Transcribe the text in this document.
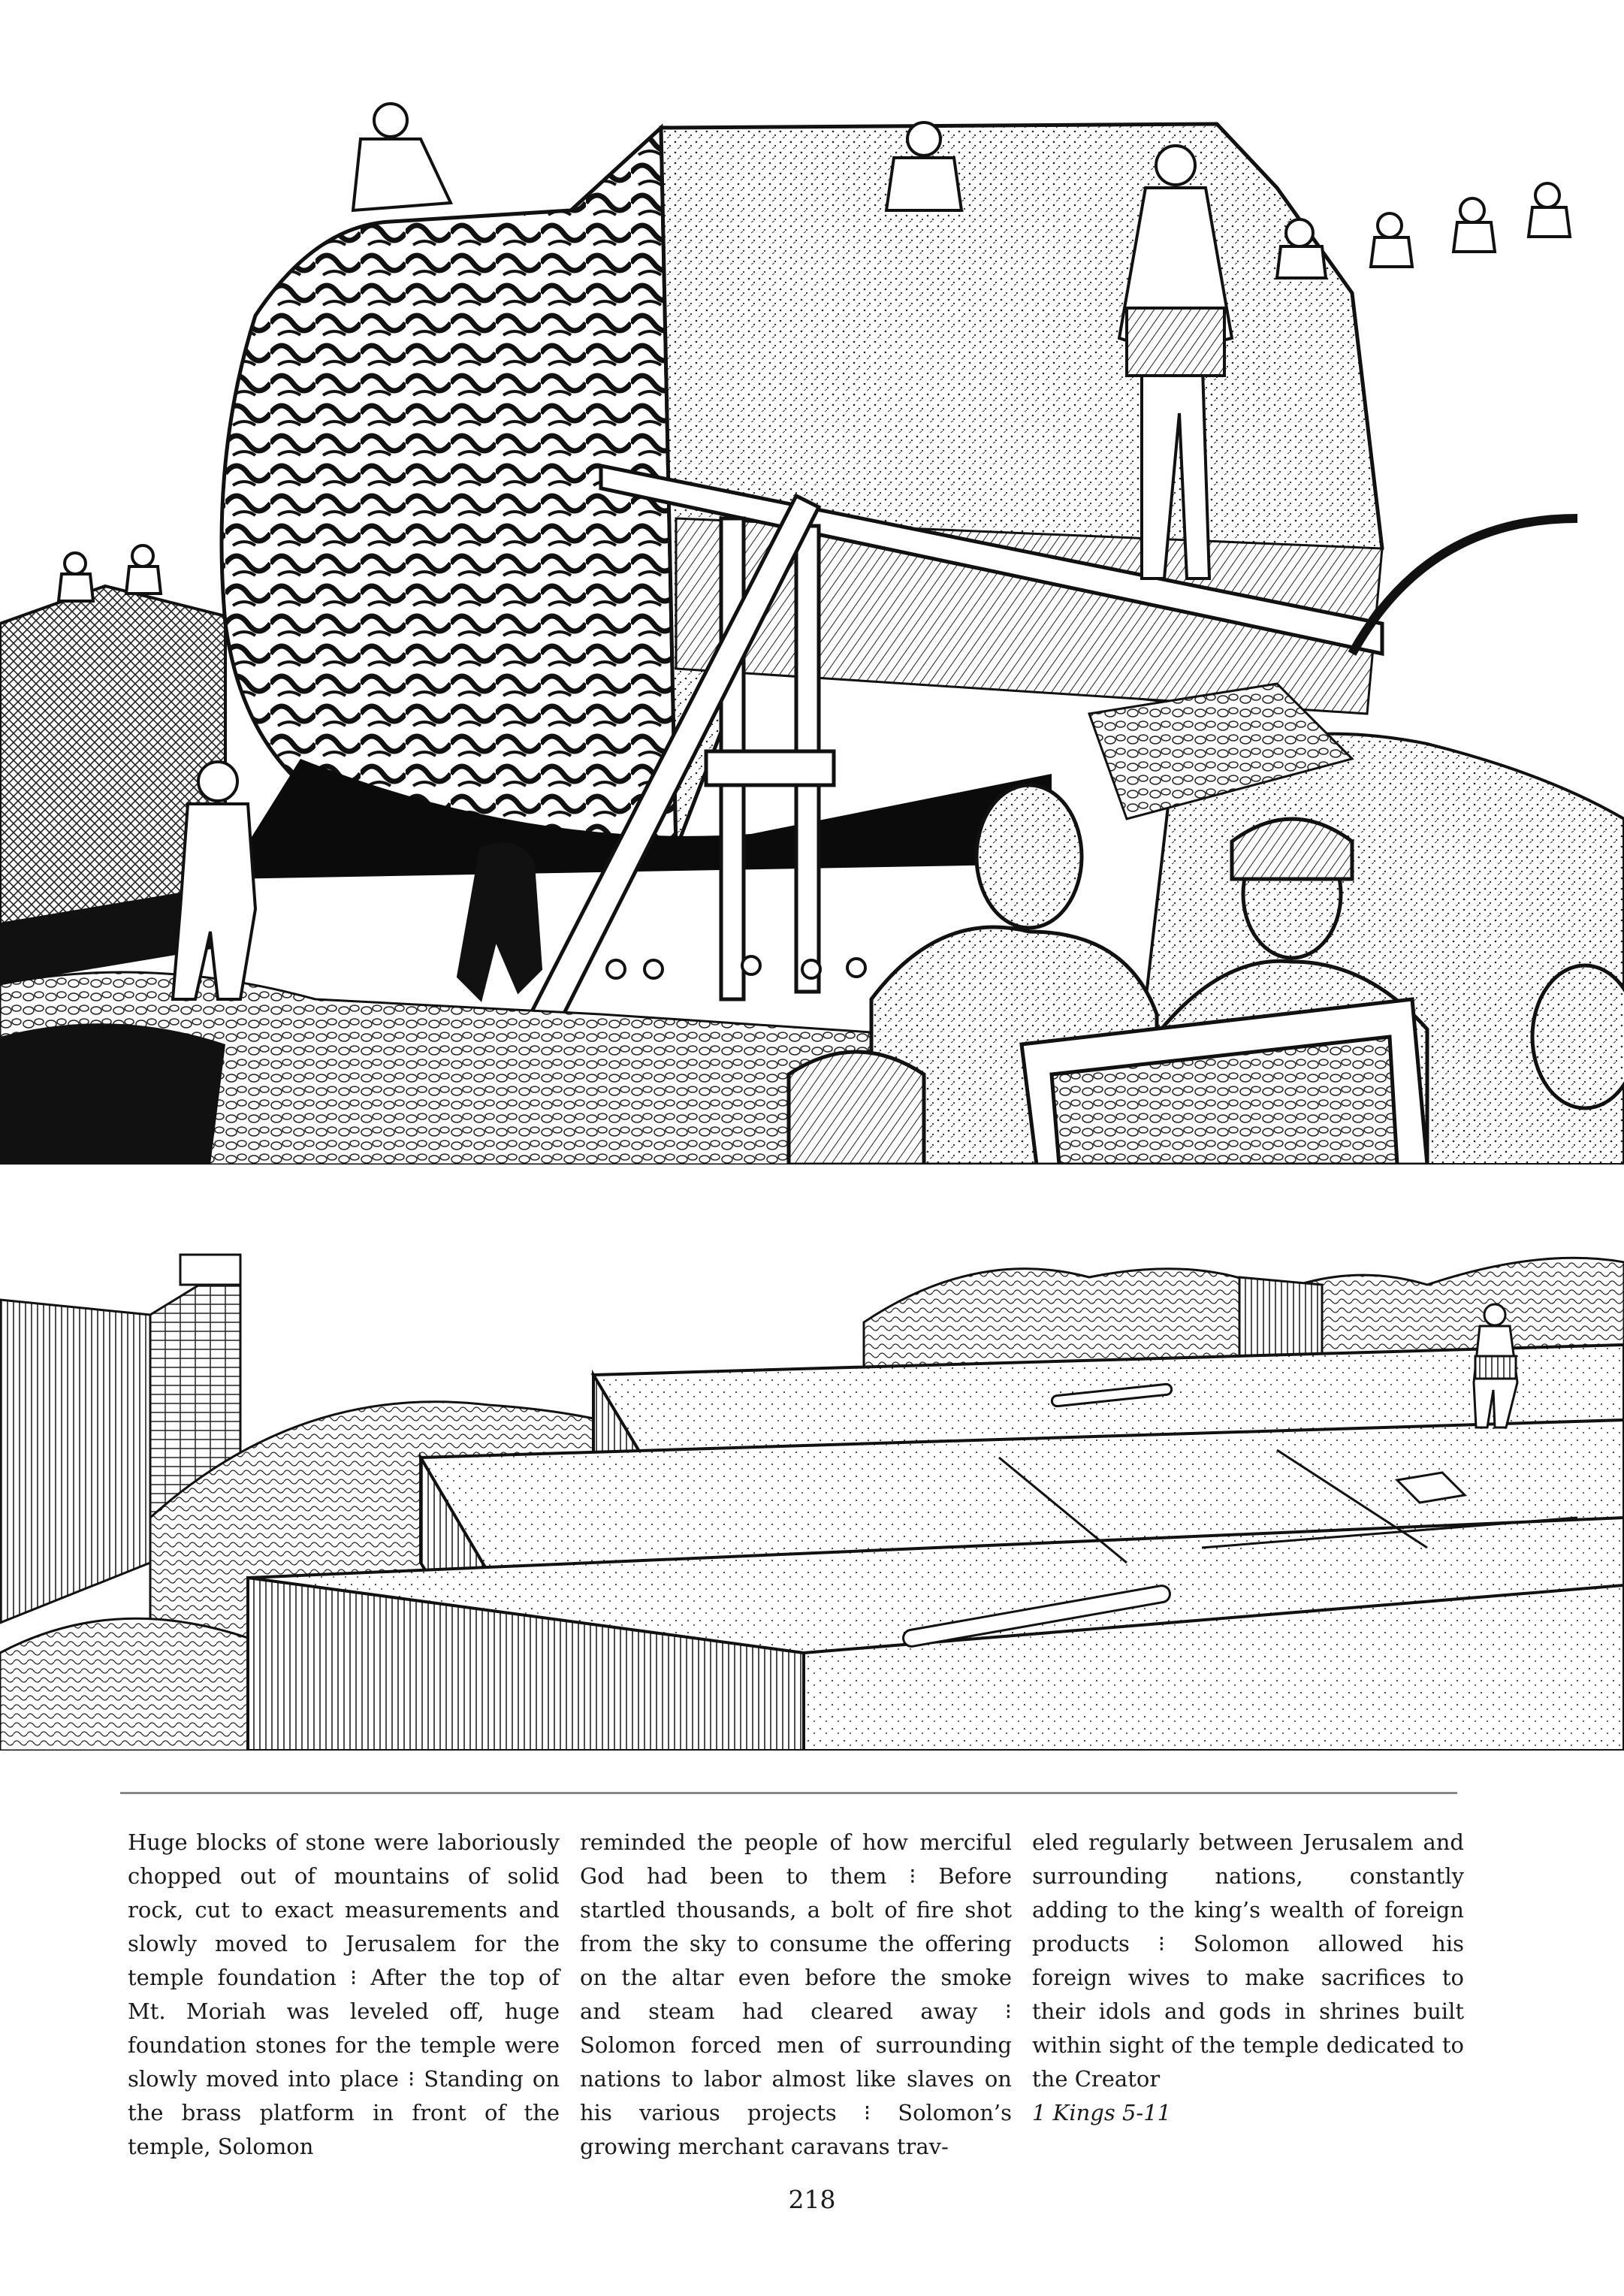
Huge blocks of stone were laboriously chopped out of mountains of solid rock, cut to exact measurements and slowly moved to Jerusalem for the temple foundation ⁝ After the top of Mt. Moriah was leveled off, huge foundation stones for the temple were slowly moved into place ⁝ Standing on the brass platform in front of the temple, Solomon
reminded the people of how merciful God had been to them ⁝ Before startled thousands, a bolt of fire shot from the sky to consume the offering on the altar even before the smoke and steam had cleared away ⁝ Solomon forced men of surrounding nations to labor almost like slaves on his various projects ⁝ Solomon’s growing merchant caravans trav-
eled regularly between Jerusalem and surrounding nations, constantly adding to the king’s wealth of foreign products ⁝ Solomon allowed his foreign wives to make sacrifices to their idols and gods in shrines built within sight of the temple dedicated to the Creator
1 Kings 5-11
218
